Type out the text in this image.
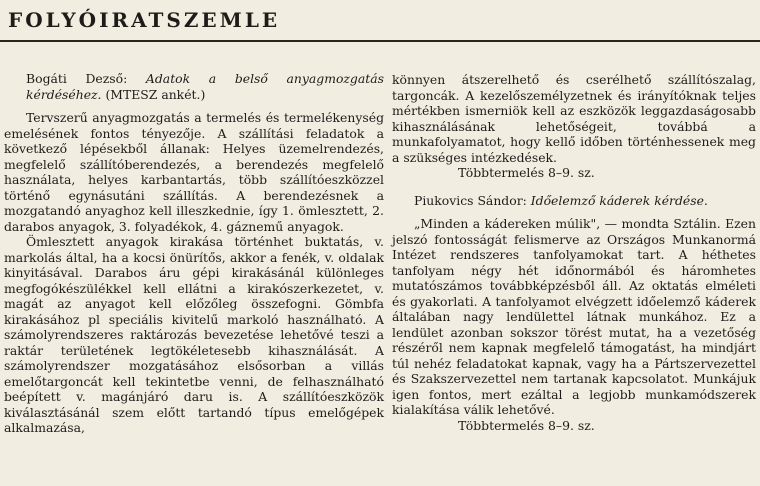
FOLYÓIRATSZEMLE

Bogáti Dezső: Adatok a belső anyagmozgatás kérdéséhez. (MTESZ ankét.)

Tervszerű anyagmozgatás a termelés és termelékenység emelésének fontos tényezője. A szállítási feladatok a következő lépésekből állanak: Helyes üzemelrendezés, megfelelő szállítóberendezés, a berendezés megfelelő használata, helyes karbantartás, több szállítóeszközzel történő egynásutáni szállítás. A berendezésnek a mozgatandó anyaghoz kell illeszkednie, így 1. ömlesztett, 2. darabos anyagok, 3. folyadékok, 4. gáznemű anyagok.

Ömlesztett anyagok kirakása történhet buktatás, v. markolás által, ha a kocsi önürítős, akkor a fenék, v. oldalak kinyitásával. Darabos áru gépi kirakásánál különleges megfogókészülékkel kell ellátni a kirakószerkezetet, v. magát az anyagot kell előzőleg összefogni. Gömbfa kirakásához pl speciális kivitelű markoló használható. A számolyrendszeres raktározás bevezetése lehetővé teszi a raktár területének legtökéletesebb kihasználását. A számolyrendszer mozgatásához elsősorban a villás emelőtargoncát kell tekintetbe venni, de felhasználható beépített v. magánjáró daru is. A szállítóeszközök kiválasztásánál szem előtt tartandó típus emelőgépek alkalmazása,

könnyen átszerelhető és cserélhető szállítószalag, targoncák. A kezelőszemélyzetnek és irányítóknak teljes mértékben ismerniök kell az eszközök leggazdaságosabb kihasználásának lehetőségeit, továbbá a munkafolyamatot, hogy kellő időben történhessenek meg a szükséges intézkedések.

Többtermelés 8–9. sz.

Piukovics Sándor: Időelemző káderek kérdése.

„Minden a kádereken múlik", — mondta Sztálin. Ezen jelszó fontosságát felismerve az Országos Munkanormá Intézet rendszeres tanfolyamokat tart. A héthetes tanfolyam négy hét időnormából és háromhetes mutatószámos továbbképzésből áll. Az oktatás elméleti és gyakorlati. A tanfolyamot elvégzett időelemző káderek általában nagy lendülettel látnak munkához. Ez a lendület azonban sokszor törést mutat, ha a vezetőség részéről nem kapnak megfelelő támogatást, ha mindjárt túl nehéz feladatokat kapnak, vagy ha a Pártszervezettel és Szakszervezettel nem tartanak kapcsolatot. Munkájuk igen fontos, mert ezáltal a legjobb munkamódszerek kialakítása válik lehetővé.

Többtermelés 8–9. sz.
